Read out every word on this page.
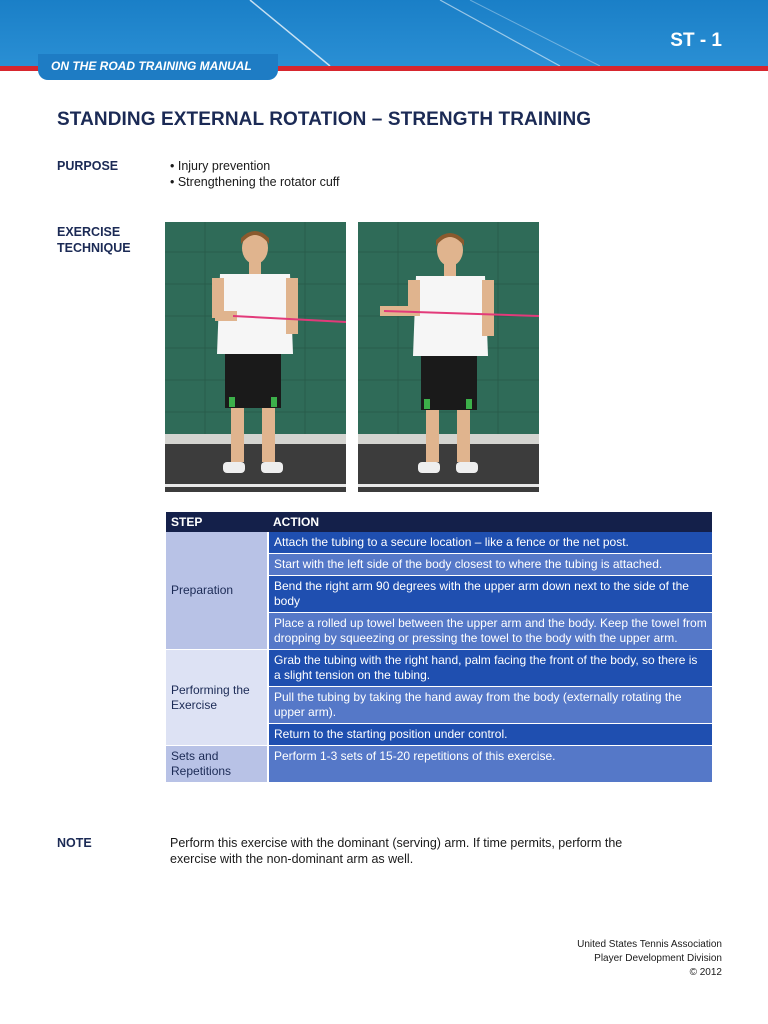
ST - 1
ON THE ROAD TRAINING MANUAL
STANDING EXTERNAL ROTATION – STRENGTH TRAINING
PURPOSE	• Injury prevention
• Strengthening the rotator cuff
EXERCISE
TECHNIQUE
STEP	ACTION
Preparation	Attach the tubing to a secure location – like a fence or the net post.
	Start with the left side of the body closest to where the tubing is attached.
	Bend the right arm 90 degrees with the upper arm down next to the side of the body
	Place a rolled up towel between the upper arm and the body. Keep the towel from dropping by squeezing or pressing the towel to the body with the upper arm.
Performing the Exercise	Grab the tubing with the right hand, palm facing the front of the body, so there is a slight tension on the tubing.
	Pull the tubing by taking the hand away from the body (externally rotating the upper arm).
	Return to the starting position under control.
Sets and Repetitions	Perform 1-3 sets of 15-20 repetitions of this exercise.
NOTE	Perform this exercise with the dominant (serving) arm. If time permits, perform the exercise with the non-dominant arm as well.
United States Tennis Association
Player Development Division
© 2012
